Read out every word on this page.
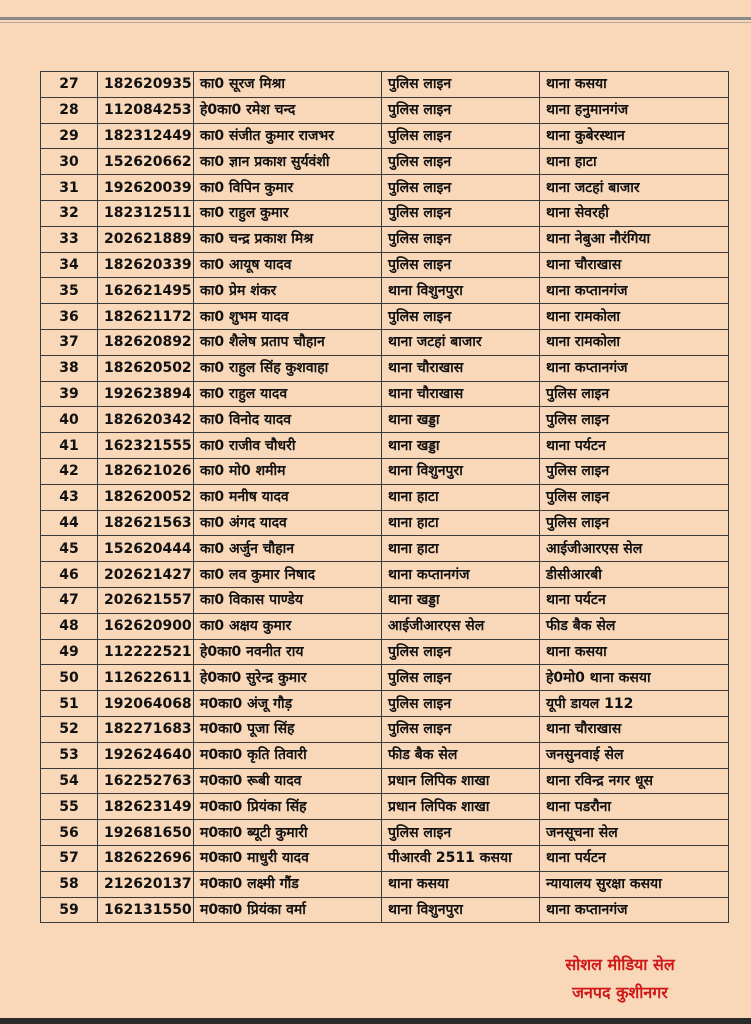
27	182620935	का0 सूरज मिश्रा	पुलिस लाइन	थाना कसया
28	112084253	हे0का0 रमेश चन्द	पुलिस लाइन	थाना हनुमानगंज
29	182312449	का0 संजीत कुमार राजभर	पुलिस लाइन	थाना कुबेरस्थान
30	152620662	का0 ज्ञान प्रकाश सुर्यवंशी	पुलिस लाइन	थाना हाटा
31	192620039	का0 विपिन कुमार	पुलिस लाइन	थाना जटहां बाजार
32	182312511	का0 राहुल कुमार	पुलिस लाइन	थाना सेवरही
33	202621889	का0 चन्द्र प्रकाश मिश्र	पुलिस लाइन	थाना नेबुआ नौरंगिया
34	182620339	का0 आयूष यादव	पुलिस लाइन	थाना चौराखास
35	162621495	का0 प्रेम शंकर	थाना विशुनपुरा	थाना कप्तानगंज
36	182621172	का0 शुभम यादव	पुलिस लाइन	थाना रामकोला
37	182620892	का0 शैलेष प्रताप चौहान	थाना जटहां बाजार	थाना रामकोला
38	182620502	का0 राहुल सिंह कुशवाहा	थाना चौराखास	थाना कप्तानगंज
39	192623894	का0 राहुल यादव	थाना चौराखास	पुलिस लाइन
40	182620342	का0 विनोद यादव	थाना खड्डा	पुलिस लाइन
41	162321555	का0 राजीव चौधरी	थाना खड्डा	थाना पर्यटन
42	182621026	का0 मो0 शमीम	थाना विशुनपुरा	पुलिस लाइन
43	182620052	का0 मनीष यादव	थाना हाटा	पुलिस लाइन
44	182621563	का0 अंगद यादव	थाना हाटा	पुलिस लाइन
45	152620444	का0 अर्जुन चौहान	थाना हाटा	आईजीआरएस सेल
46	202621427	का0 लव कुमार निषाद	थाना कप्तानगंज	डीसीआरबी
47	202621557	का0 विकास पाण्डेय	थाना खड्डा	थाना पर्यटन
48	162620900	का0 अक्षय कुमार	आईजीआरएस सेल	फीड बैक सेल
49	112222521	हे0का0 नवनीत राय	पुलिस लाइन	थाना कसया
50	112622611	हे0का0 सुरेन्द्र कुमार	पुलिस लाइन	हे0मो0 थाना कसया
51	192064068	म0का0 अंजू गौड़	पुलिस लाइन	यूपी डायल 112
52	182271683	म0का0 पूजा सिंह	पुलिस लाइन	थाना चौराखास
53	192624640	म0का0 कृति तिवारी	फीड बैक सेल	जनसुनवाई सेल
54	162252763	म0का0 रूबी यादव	प्रधान लिपिक शाखा	थाना रविन्द्र नगर धूस
55	182623149	म0का0 प्रियंका सिंह	प्रधान लिपिक शाखा	थाना पडरौना
56	192681650	म0का0 ब्यूटी कुमारी	पुलिस लाइन	जनसूचना सेल
57	182622696	म0का0 माधुरी यादव	पीआरवी 2511 कसया	थाना पर्यटन
58	212620137	म0का0 लक्ष्मी गौंड	थाना कसया	न्यायालय सुरक्षा कसया
59	162131550	म0का0 प्रियंका वर्मा	थाना विशुनपुरा	थाना कप्तानगंज
सोशल मीडिया सेल
जनपद कुशीनगर
